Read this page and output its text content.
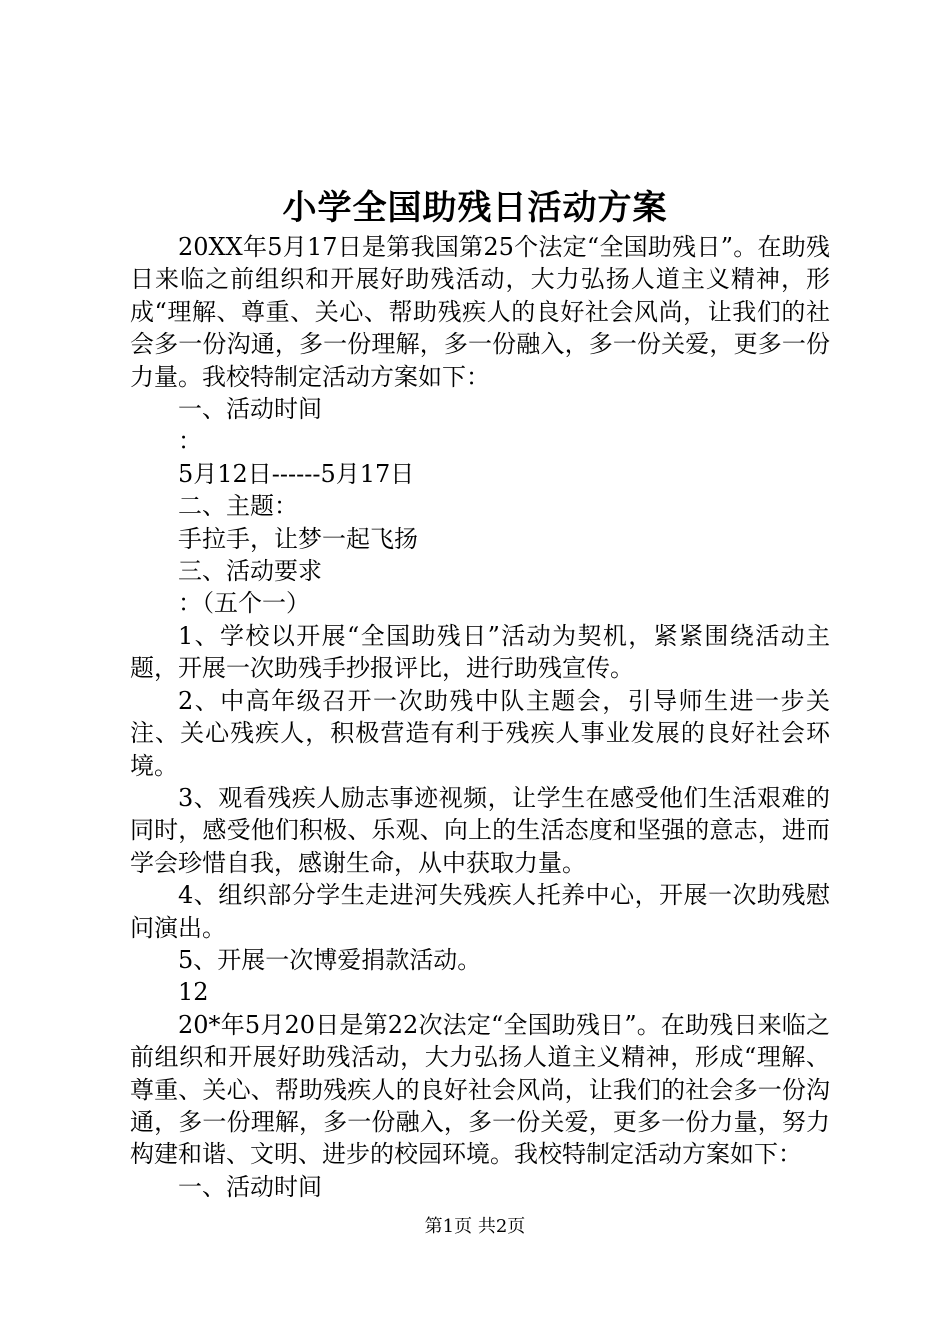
小学全国助残日活动方案

20XX年5月17日是第我国第25个法定“全国助残日”。在助残日来临之前组织和开展好助残活动，大力弘扬人道主义精神，形成“理解、尊重、关心、帮助残疾人的良好社会风尚，让我们的社会多一份沟通，多一份理解，多一份融入，多一份关爱，更多一份力量。我校特制定活动方案如下：

一、活动时间

：

5月12日------5月17日

二、主题：

手拉手，让梦一起飞扬

三、活动要求

：（五个一）

1、学校以开展“全国助残日”活动为契机，紧紧围绕活动主题，开展一次助残手抄报评比，进行助残宣传。

2、中高年级召开一次助残中队主题会，引导师生进一步关注、关心残疾人，积极营造有利于残疾人事业发展的良好社会环境。

3、观看残疾人励志事迹视频，让学生在感受他们生活艰难的同时，感受他们积极、乐观、向上的生活态度和坚强的意志，进而学会珍惜自我，感谢生命，从中获取力量。

4、组织部分学生走进河失残疾人托养中心，开展一次助残慰问演出。

5、开展一次博爱捐款活动。

12

20*年5月20日是第22次法定“全国助残日”。在助残日来临之前组织和开展好助残活动，大力弘扬人道主义精神，形成“理解、尊重、关心、帮助残疾人的良好社会风尚，让我们的社会多一份沟通，多一份理解，多一份融入，多一份关爱，更多一份力量，努力构建和谐、文明、进步的校园环境。我校特制定活动方案如下：

一、活动时间

第1页 共2页
